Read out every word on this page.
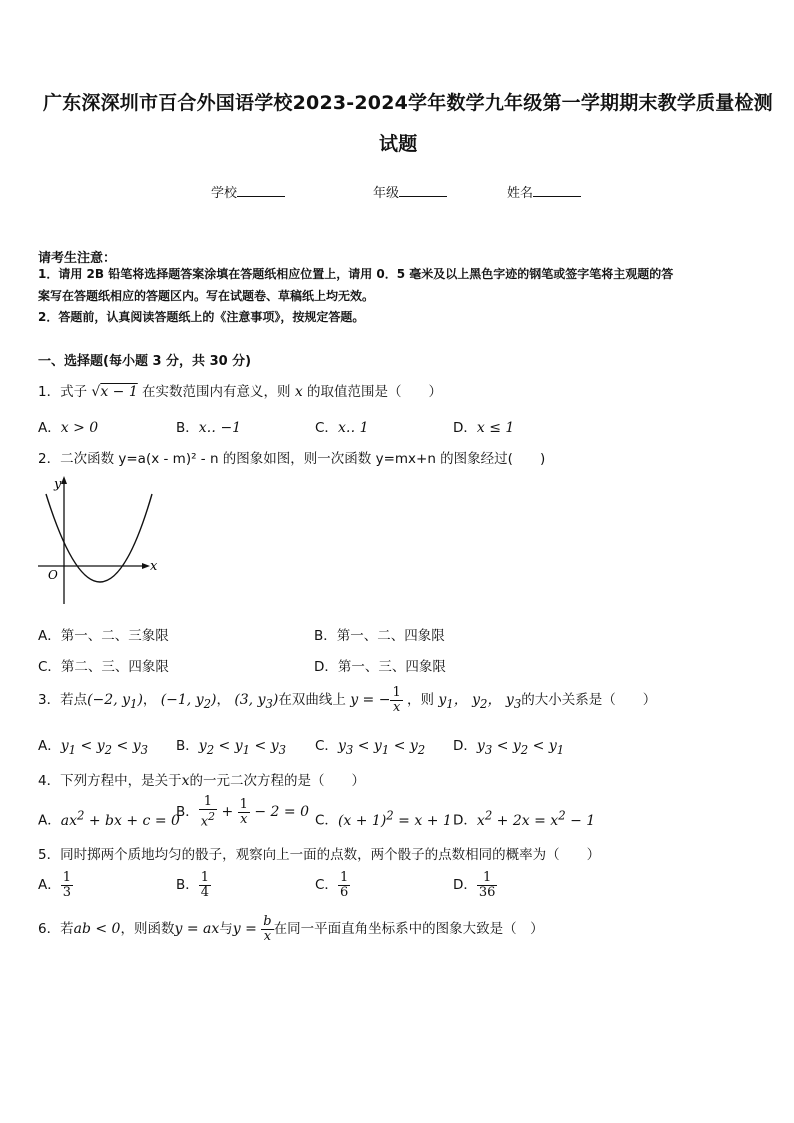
广东深深圳市百合外国语学校2023-2024学年数学九年级第一学期期末教学质量检测
试题
学校	年级	姓名
请考生注意：
1．请用 2B 铅笔将选择题答案涂填在答题纸相应位置上，请用 0．5 毫米及以上黑色字迹的钢笔或签字笔将主观题的答
案写在答题纸相应的答题区内。写在试题卷、草稿纸上均无效。
2．答题前，认真阅读答题纸上的《注意事项》，按规定答题。
一、选择题(每小题 3 分，共 30 分)
1．式子 √x − 1 在实数范围内有意义，则 x 的取值范围是（　　）
A．x > 0	B．x‥ −1	C．x‥ 1	D．x ≤ 1
2．二次函数 y=a(x - m)² - n 的图象如图，则一次函数 y=mx+n 的图象经过(　　)
y
x
O
A．第一、二、三象限	B．第一、二、四象限
C．第二、三、四象限	D．第一、三、四象限
3．若点(−2, $y_1$)， (−1, $y_2$)， (3, $y_3$)在双曲线上 y = − $\frac{1}{x}$ ，则 $y_1$， $y_2$， $y_3$的大小关系是（　　）
A．$y_1 < y_2 < y_3$ B．$y_2 < y_1 < y_3$ C．$y_3 < y_1 < y_2$ D．$y_3 < y_2 < y_1$
4．下列方程中，是关于x的一元二次方程的是（　　）
A．$ax^2$ + bx + c = 0
B． $\frac{1}{x^2} + \frac{1}{x} - 2 = 0$
C．$(x + 1)^2 = x + 1$ D．$x^2 + 2x = x^2 - 1$
5．同时掷两个质地均匀的骰子，观察向上一面的点数，两个骰子的点数相同的概率为（　　）
A． $\frac{1}{3}$	B． $\frac{1}{4}$	C． $\frac{1}{6}$	D． $\frac{1}{36}$
6．若ab < 0，则函数y = ax与$y = \frac{b}{x}$ 在同一平面直角坐标系中的图象大致是（　）
